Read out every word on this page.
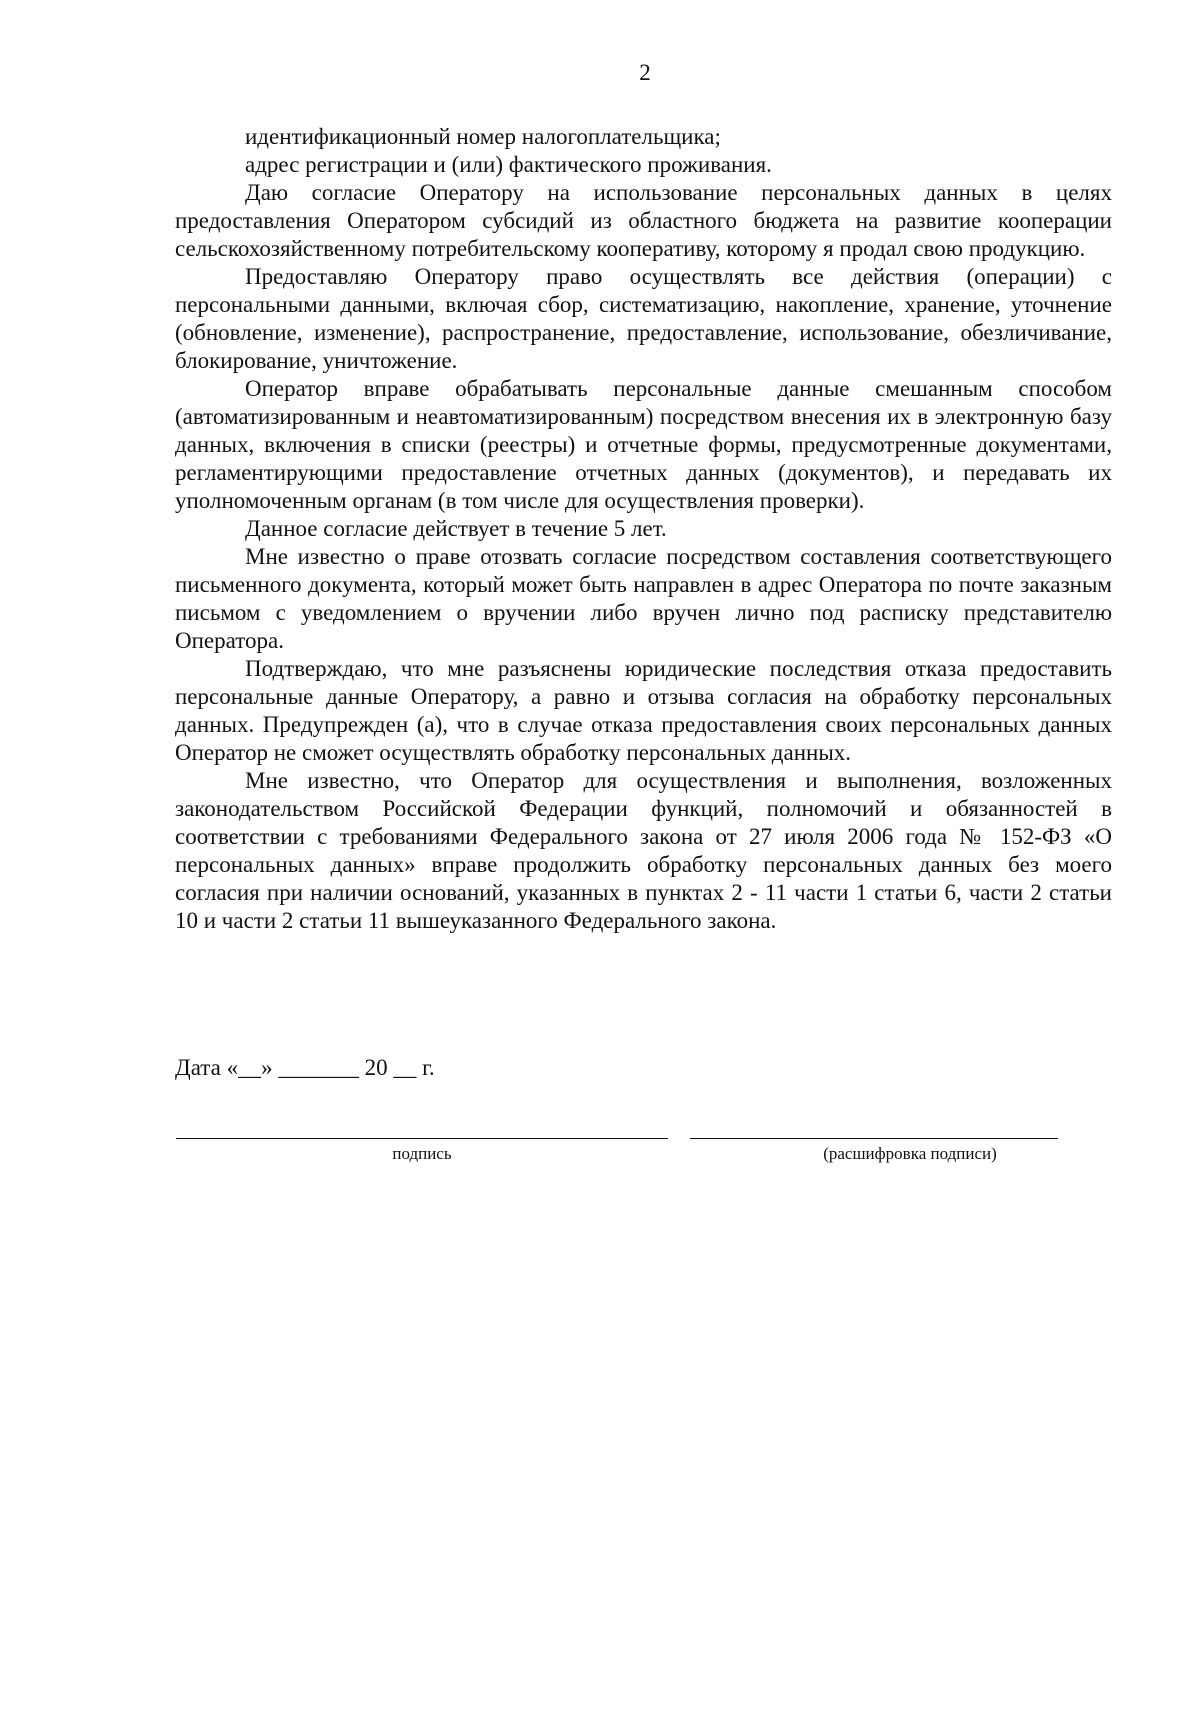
2

идентификационный номер налогоплательщика;

адрес регистрации и (или) фактического проживания.

Даю согласие Оператору на использование персональных данных в целях предоставления Оператором субсидий из областного бюджета на развитие кооперации сельскохозяйственному потребительскому кооперативу, которому я продал свою продукцию.

Предоставляю Оператору право осуществлять все действия (операции) с персональными данными, включая сбор, систематизацию, накопление, хранение, уточнение (обновление, изменение), распространение, предоставление, использование, обезличивание, блокирование, уничтожение.

Оператор вправе обрабатывать персональные данные смешанным способом (автоматизированным и неавтоматизированным) посредством внесения их в электронную базу данных, включения в списки (реестры) и отчетные формы, предусмотренные документами, регламентирующими предоставление отчетных данных (документов), и передавать их уполномоченным органам (в том числе для осуществления проверки).

Данное согласие действует в течение 5 лет.

Мне известно о праве отозвать согласие посредством составления соответствующего письменного документа, который может быть направлен в адрес Оператора по почте заказным письмом с уведомлением о вручении либо вручен лично под расписку представителю Оператора.

Подтверждаю, что мне разъяснены юридические последствия отказа предоставить персональные данные Оператору, а равно и отзыва согласия на обработку персональных данных. Предупрежден (а), что в случае отказа предоставления своих персональных данных Оператор не сможет осуществлять обработку персональных данных.

Мне известно, что Оператор для осуществления и выполнения, возложенных законодательством Российской Федерации функций, полномочий и обязанностей в соответствии с требованиями Федерального закона от 27 июля 2006 года № 152-ФЗ «О персональных данных» вправе продолжить обработку персональных данных без моего согласия при наличии оснований, указанных в пунктах 2 - 11 части 1 статьи 6, части 2 статьи 10 и части 2 статьи 11 вышеуказанного Федерального закона.

Дата «__» _______ 20 __ г.
подпись	(расшифровка подписи)
